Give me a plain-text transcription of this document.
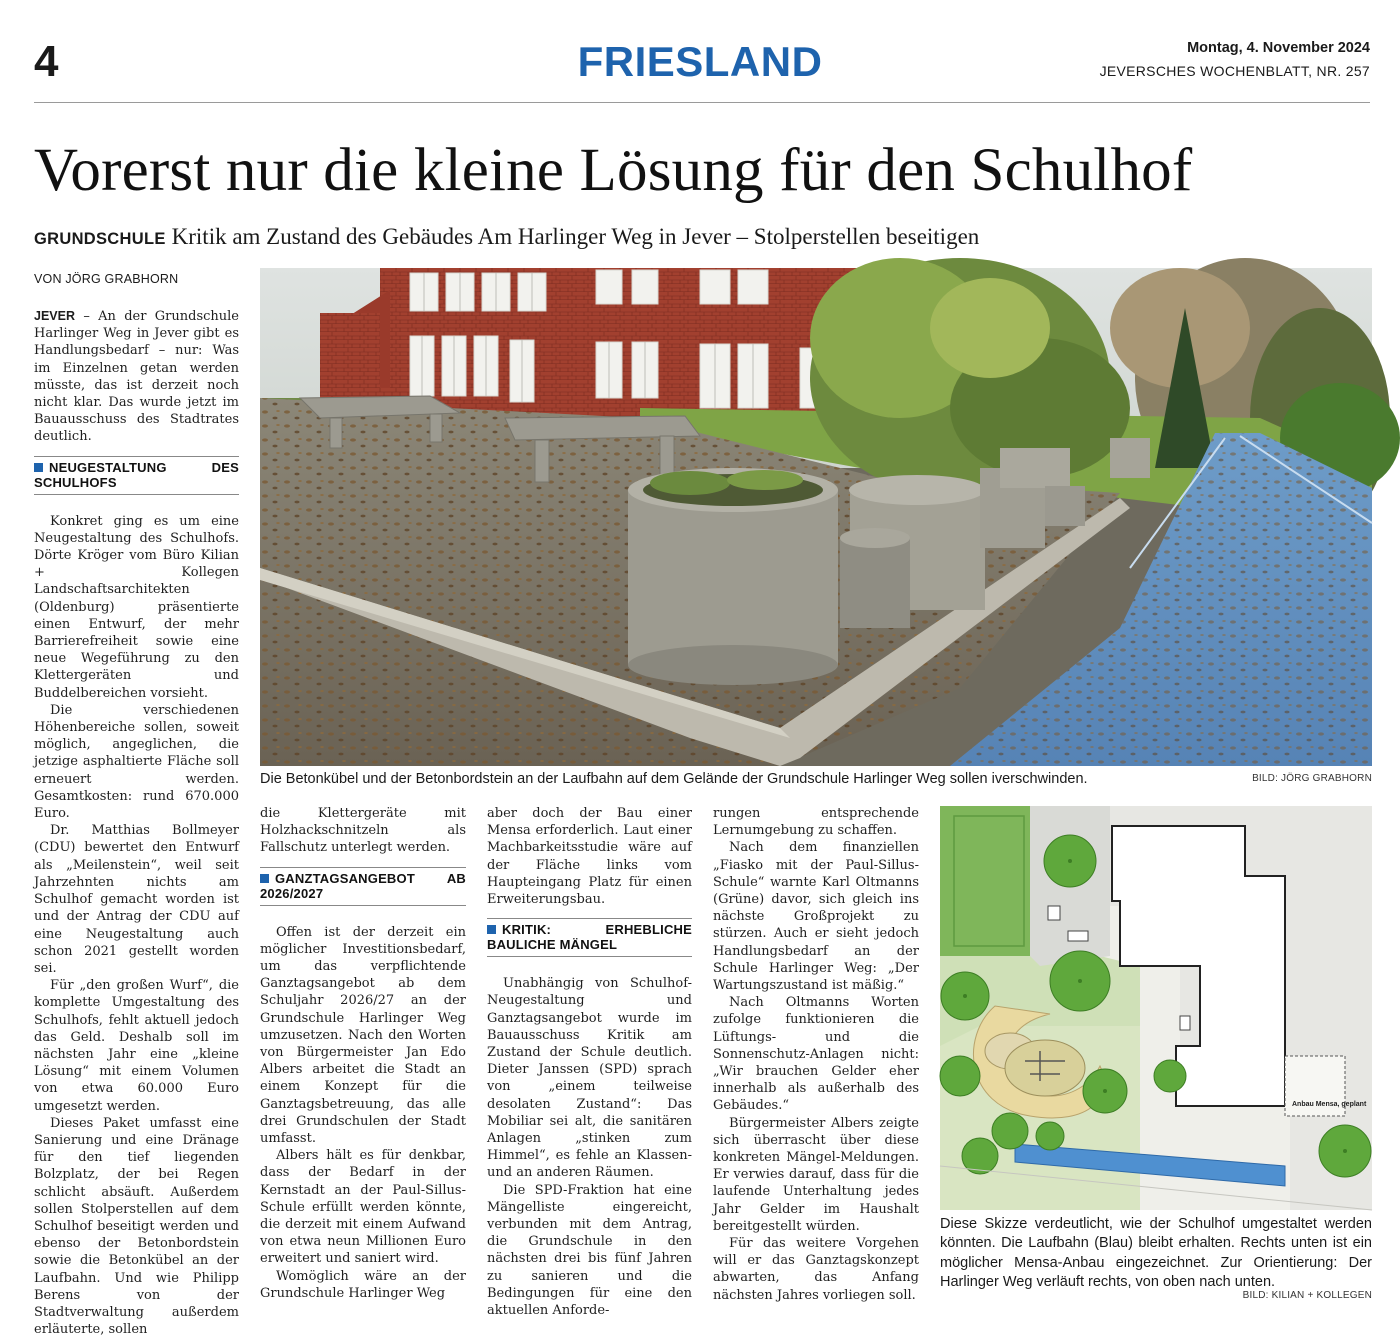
4	FRIESLAND	Montag, 4. November 2024
JEVERSCHES WOCHENBLATT, NR. 257
Vorerst nur die kleine Lösung für den Schulhof
GRUNDSCHULE Kritik am Zustand des Gebäudes Am Harlinger Weg in Jever – Stolperstellen beseitigen
VON JÖRG GRABHORN

JEVER – An der Grundschule Harlinger Weg in Jever gibt es Handlungsbedarf – nur: Was im Einzelnen getan werden müsste, das ist derzeit noch nicht klar. Das wurde jetzt im Bauausschuss des Stadtrates deutlich.

NEUGESTALTUNG DES SCHULHOFS

Konkret ging es um eine Neugestaltung des Schulhofs. Dörte Kröger vom Büro Kilian + Kollegen Landschaftsarchitekten (Oldenburg) präsentierte einen Entwurf, der mehr Barrierefreiheit sowie eine neue Wegeführung zu den Klettergeräten und Buddelbereichen vorsieht.

Die verschiedenen Höhenbereiche sollen, soweit möglich, angeglichen, die jetzige asphaltierte Fläche soll erneuert werden. Gesamtkosten: rund 670.000 Euro.

Dr. Matthias Bollmeyer (CDU) bewertet den Entwurf als „Meilenstein“, weil seit Jahrzehnten nichts am Schulhof gemacht worden ist und der Antrag der CDU auf eine Neugestaltung auch schon 2021 gestellt worden sei.

Für „den großen Wurf“, die komplette Umgestaltung des Schulhofs, fehlt aktuell jedoch das Geld. Deshalb soll im nächsten Jahr eine „kleine Lösung“ mit einem Volumen von etwa 60.000 Euro umgesetzt werden.

Dieses Paket umfasst eine Sanierung und eine Dränage für den tief liegenden Bolzplatz, der bei Regen schlicht absäuft. Außerdem sollen Stolperstellen auf dem Schulhof beseitigt werden und ebenso der Betonbordstein sowie die Betonkübel an der Laufbahn. Und wie Philipp Berens von der Stadtverwaltung außerdem erläuterte, sollen

Die Betonkübel und der Betonbordstein an der Laufbahn auf dem Gelände der Grundschule Harlinger Weg sollen iverschwinden.	BILD: JÖRG GRABHORN

die Klettergeräte mit Holzhackschnitzeln als Fallschutz unterlegt werden.

GANZTAGSANGEBOT AB 2026/2027

Offen ist der derzeit ein möglicher Investitionsbedarf, um das verpflichtende Ganztagsangebot ab dem Schuljahr 2026/27 an der Grundschule Harlinger Weg umzusetzen. Nach den Worten von Bürgermeister Jan Edo Albers arbeitet die Stadt an einem Konzept für die Ganztagsbetreuung, das alle drei Grundschulen der Stadt umfasst.

Albers hält es für denkbar, dass der Bedarf in der Kernstadt an der Paul-Sillus-Schule erfüllt werden könnte, die derzeit mit einem Aufwand von etwa neun Millionen Euro erweitert und saniert wird.

Womöglich wäre an der Grundschule Harlinger Weg

aber doch der Bau einer Mensa erforderlich. Laut einer Machbarkeitsstudie wäre auf der Fläche links vom Haupteingang Platz für einen Erweiterungsbau.

KRITIK: ERHEBLICHE BAULICHE MÄNGEL

Unabhängig von Schulhof-Neugestaltung und Ganztagsangebot wurde im Bauausschuss Kritik am Zustand der Schule deutlich. Dieter Janssen (SPD) sprach von „einem teilweise desolaten Zustand“: Das Mobiliar sei alt, die sanitären Anlagen „stinken zum Himmel“, es fehle an Klassen- und an anderen Räumen.

Die SPD-Fraktion hat eine Mängelliste eingereicht, verbunden mit dem Antrag, die Grundschule in den nächsten drei bis fünf Jahren zu sanieren und die Bedingungen für eine den aktuellen Anforde-

rungen entsprechende Lernumgebung zu schaffen.

Nach dem finanziellen „Fiasko mit der Paul-Sillus-Schule“ warnte Karl Oltmanns (Grüne) davor, sich gleich ins nächste Großprojekt zu stürzen. Auch er sieht jedoch Handlungsbedarf an der Schule Harlinger Weg: „Der Wartungszustand ist mäßig.“

Nach Oltmanns Worten zufolge funktionieren die Lüftungs- und die Sonnenschutz-Anlagen nicht: „Wir brauchen Gelder eher innerhalb als außerhalb des Gebäudes.“

Bürgermeister Albers zeigte sich überrascht über diese konkreten Mängel-Meldungen. Er verwies darauf, dass für die laufende Unterhaltung jedes Jahr Gelder im Haushalt bereitgestellt würden.

Für das weitere Vorgehen will er das Ganztagskonzept abwarten, das Anfang nächsten Jahres vorliegen soll.

Anbau Mensa, geplant
Diese Skizze verdeutlicht, wie der Schulhof umgestaltet werden könnten. Die Laufbahn (Blau) bleibt erhalten. Rechts unten ist ein möglicher Mensa-Anbau eingezeichnet. Zur Orientierung: Der Harlinger Weg verläuft rechts, von oben nach unten.
BILD: KILIAN + KOLLEGEN
